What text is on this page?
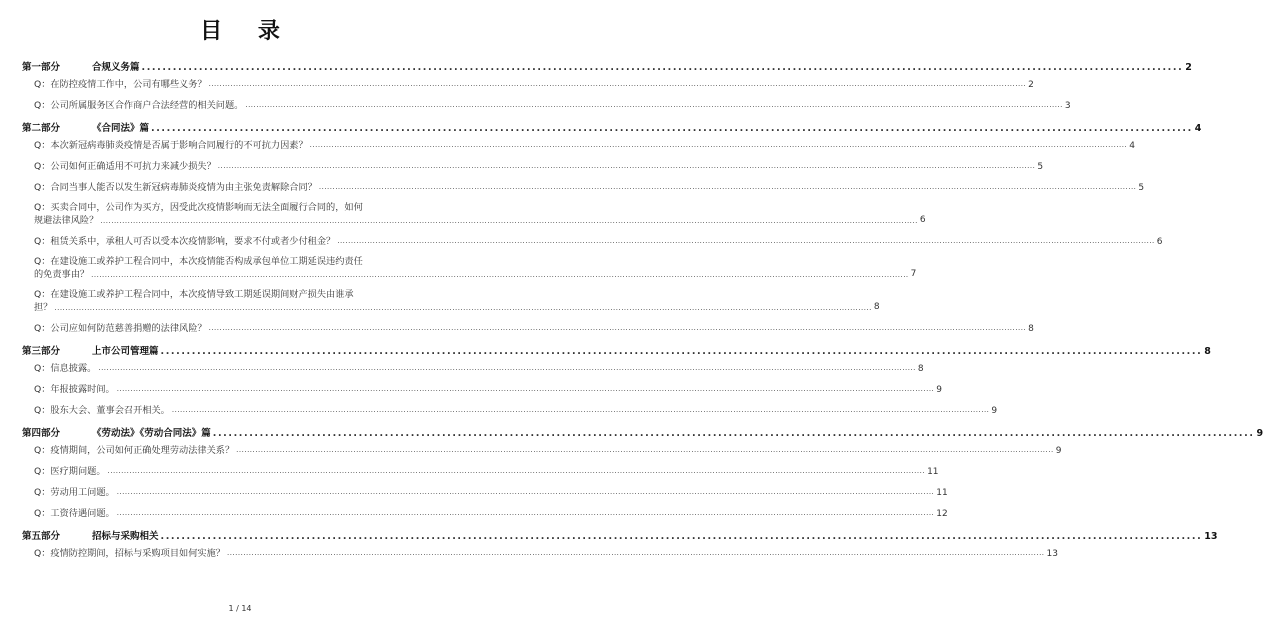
目 录
第一部分	合规义务篇 ........................................................................................................................................................................................................ 2
Q：在防控疫情工作中，公司有哪些义务？ ............................................................................................................................................................................................................................................................................................................ 2
Q：公司所属服务区合作商户合法经营的相关问题。 ............................................................................................................................................................................................................................................................................................................ 3
第二部分	《合同法》篇 ........................................................................................................................................................................................................ 4
Q：本次新冠病毒肺炎疫情是否属于影响合同履行的不可抗力因素？ ............................................................................................................................................................................................................................................................................................................ 4
Q：公司如何正确适用不可抗力来减少损失？ ............................................................................................................................................................................................................................................................................................................ 5
Q：合同当事人能否以发生新冠病毒肺炎疫情为由主张免责解除合同？ ............................................................................................................................................................................................................................................................................................................ 5
Q：买卖合同中，公司作为买方，因受此次疫情影响而无法全面履行合同的，如何
规避法律风险？ ............................................................................................................................................................................................................................................................................................................ 6
Q：租赁关系中，承租人可否以受本次疫情影响，要求不付或者少付租金？ ............................................................................................................................................................................................................................................................................................................ 6
Q：在建设施工或养护工程合同中，本次疫情能否构成承包单位工期延误违约责任
的免责事由？ ............................................................................................................................................................................................................................................................................................................ 7
Q：在建设施工或养护工程合同中，本次疫情导致工期延误期间财产损失由谁承
担？ ............................................................................................................................................................................................................................................................................................................ 8
Q：公司应如何防范慈善捐赠的法律风险？ ............................................................................................................................................................................................................................................................................................................ 8
第三部分	上市公司管理篇 ........................................................................................................................................................................................................ 8
Q：信息披露。 ............................................................................................................................................................................................................................................................................................................ 8
Q：年报披露时间。 ............................................................................................................................................................................................................................................................................................................ 9
Q：股东大会、董事会召开相关。 ............................................................................................................................................................................................................................................................................................................ 9
第四部分	《劳动法》《劳动合同法》篇 ........................................................................................................................................................................................................ 9
Q：疫情期间，公司如何正确处理劳动法律关系？ ............................................................................................................................................................................................................................................................................................................ 9
Q：医疗期问题。 ............................................................................................................................................................................................................................................................................................................ 11
Q：劳动用工问题。 ............................................................................................................................................................................................................................................................................................................ 11
Q：工资待遇问题。 ............................................................................................................................................................................................................................................................................................................ 12
第五部分	招标与采购相关 ........................................................................................................................................................................................................ 13
Q：疫情防控期间，招标与采购项目如何实施？ ............................................................................................................................................................................................................................................................................................................ 13
1 / 14
